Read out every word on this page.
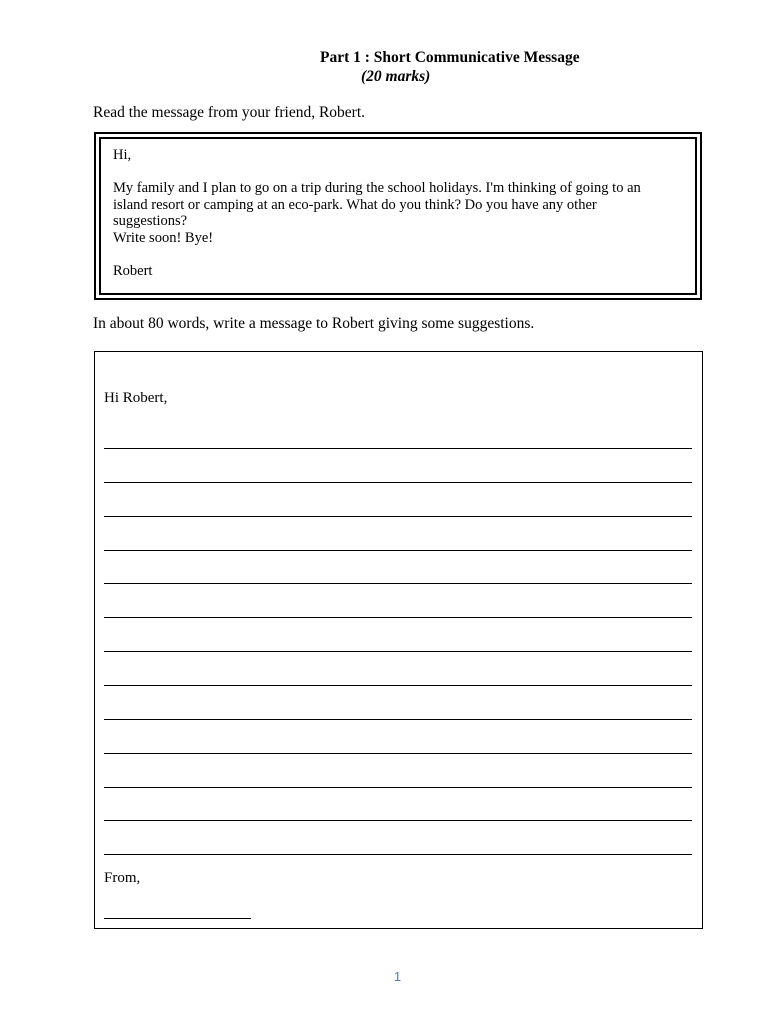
Part 1 : Short Communicative Message
(20 marks)
Read the message from your friend, Robert.

Hi,

My family and I plan to go on a trip during the school holidays. I'm thinking of going to an

island resort or camping at an eco-park. What do you think? Do you have any other

suggestions?

Write soon! Bye!

Robert

In about 80 words, write a message to Robert giving some suggestions.
Hi Robert,
From,
1
